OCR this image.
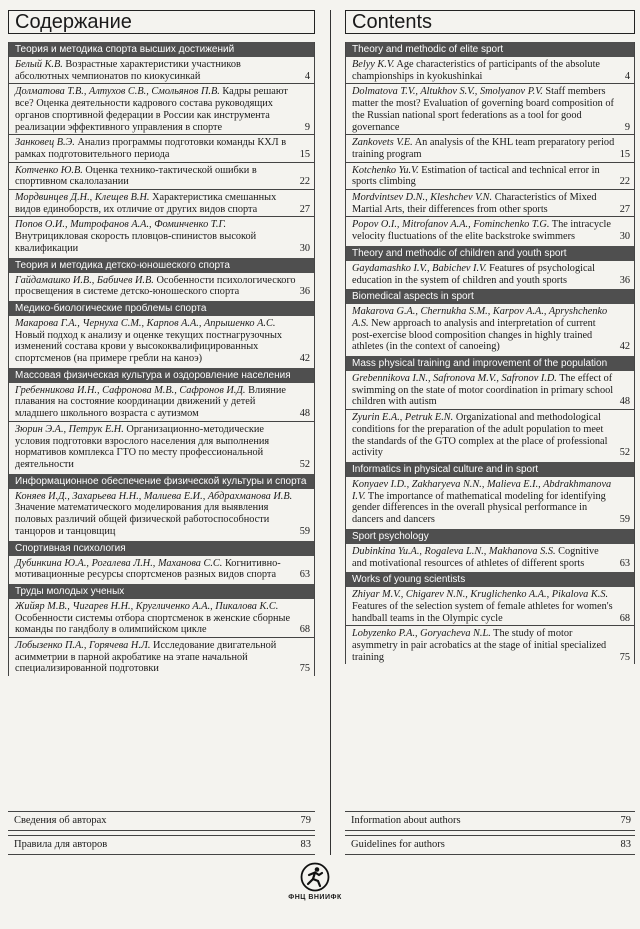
Содержание
Теория и методика спорта высших достижений
Белый К.В. Возрастные характеристики участников абсолютных чемпионатов по киокусинкай	4
Долматова Т.В., Алтухов С.В., Смольянов П.В. Кадры решают все? Оценка деятельности кадрового состава руководящих органов спортивной федерации в России как инструмента реализации эффективного управления в спорте	9
Занковец В.Э. Анализ программы подготовки команды КХЛ в рамках подготовительного периода	15
Котченко Ю.В. Оценка технико-тактической ошибки в спортивном скалолазании	22
Мордвинцев Д.Н., Клещев В.Н. Характеристика смешанных видов единоборств, их отличие от других видов спорта	27
Попов О.И., Митрофанов А.А., Фоминченко Т.Г. Внутрицикловая скорость пловцов-спинистов высокой квалификации	30
Теория и методика детско-юношеского спорта
Гайдамашко И.В., Бабичев И.В. Особенности психологического просвещения в системе детско-юношеского спорта	36
Медико-биологические проблемы спорта
Макарова Г.А., Чернуха С.М., Карпов А.А., Апрышенко А.С. Новый подход к анализу и оценке текущих постнагрузочных изменений состава крови у высококвалифицированных спортсменов (на примере гребли на каноэ)	42
Массовая физическая культура и оздоровление населения
Гребенникова И.Н., Сафронова М.В., Сафронов И.Д. Влияние плавания на состояние координации движений у детей младшего школьного возраста с аутизмом	48
Зюрин Э.А., Петрук Е.Н. Организационно-методические условия подготовки взрослого населения для выполнения нормативов комплекса ГТО по месту профессиональной деятельности	52
Информационное обеспечение физической культуры и спорта
Коняев И.Д., Захарьева Н.Н., Малиева Е.И., Абдрахманова И.В. Значение математического моделирования для выявления половых различий общей физической работоспособности танцоров и танцовщиц	59
Спортивная психология
Дубинкина Ю.А., Рогалева Л.Н., Маханова С.С. Когнитивно-мотивационные ресурсы спортсменов разных видов спорта 63
Труды молодых ученых
Жийяр М.В., Чигарев Н.Н., Кругличенко А.А., Пикалова К.С. Особенности системы отбора спортсменок в женские сборные команды по гандболу в олимпийском цикле	68
Лобызенко П.А., Горячева Н.Л. Исследование двигательной асимметрии в парной акробатике на этапе начальной специализированной подготовки	75
Сведения об авторах	79
Правила для авторов	83
Contents
Theory and methodic of elite sport
Belyy K.V. Age characteristics of participants of the absolute championships in kyokushinkai	4
Dolmatova T.V., Altukhov S.V., Smolyanov P.V. Staff members matter the most? Evaluation of governing board composition of the Russian national sport federations as a tool for good governance	9
Zankovets V.E. An analysis of the KHL team preparatory period training program	15
Kotchenko Yu.V. Estimation of tactical and technical error in sports climbing	22
Mordvintsev D.N., Kleshchev V.N. Characteristics of Mixed Martial Arts, their differences from other sports	27
Popov O.I., Mitrofanov A.A., Fominchenko T.G. The intracycle velocity fluctuations of the elite backstroke swimmers	30
Theory and methodic of children and youth sport
Gaydamashko I.V., Babichev I.V. Features of psychological education in the system of children and youth sports	36
Biomedical aspects in sport
Makarova G.A., Chernukha S.M., Karpov A.A., Apryshchenko A.S. New approach to analysis and interpretation of current post-exercise blood composition changes in highly trained athletes (in the context of canoeing)	42
Mass physical training and improvement of the population
Grebennikova I.N., Safronova M.V., Safronov I.D. The effect of swimming on the state of motor coordination in primary school children with autism	48
Zyurin E.A., Petruk E.N. Organizational and methodological conditions for the preparation of the adult population to meet the standards of the GTO complex at the place of professional activity	52
Informatics in physical culture and in sport
Konyaev I.D., Zakharyeva N.N., Malieva E.I., Abdrakhmanova I.V. The importance of mathematical modeling for identifying gender differences in the overall physical performance in dancers and dancers	59
Sport psychology
Dubinkina Yu.A., Rogaleva L.N., Makhanova S.S. Cognitive and motivational resources of athletes of different sports	63
Works of young scientists
Zhiyar M.V., Chigarev N.N., Kruglichenko A.A., Pikalova K.S. Features of the selection system of female athletes for women's handball teams in the Olympic cycle	68
Lobyzenko P.A., Goryacheva N.L. The study of motor asymmetry in pair acrobatics at the stage of initial specialized training	75
Information about authors	79
Guidelines for authors	83
ФНЦ ВНИИФК
